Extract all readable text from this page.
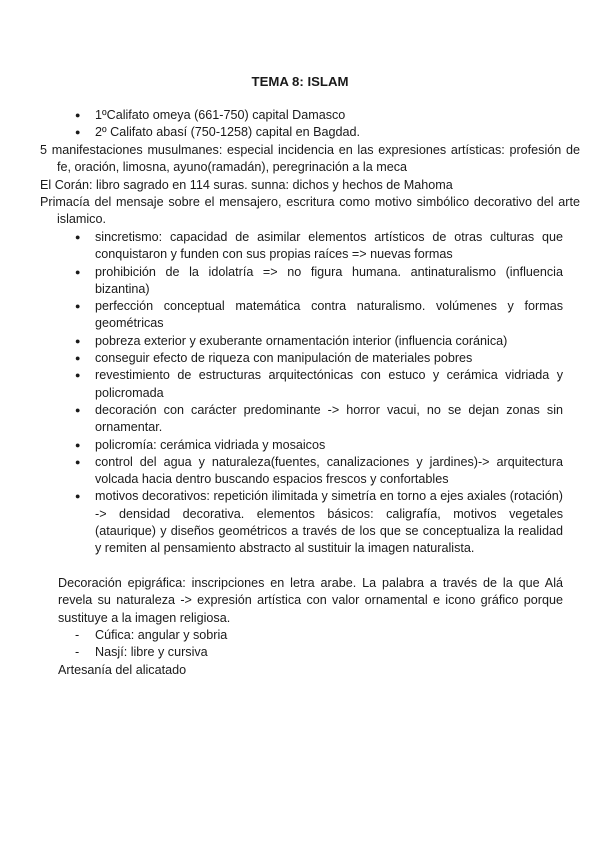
TEMA 8: ISLAM
● 1ºCalifato omeya (661-750) capital Damasco
● 2º Califato abasí (750-1258) capital en Bagdad.

5 manifestaciones musulmanes: especial incidencia en las expresiones artísticas: profesión de fe, oración, limosna, ayuno(ramadán), peregrinación a la meca

El Corán: libro sagrado en 114 suras. sunna: dichos y hechos de Mahoma

Primacía del mensaje sobre el mensajero, escritura como motivo simbólico decorativo del arte islamico.

● sincretismo: capacidad de asimilar elementos artísticos de otras culturas que conquistaron y funden con sus propias raíces => nuevas formas
● prohibición de la idolatría => no figura humana. antinaturalismo (influencia bizantina)
● perfección conceptual matemática contra naturalismo. volúmenes y formas geométricas
● pobreza exterior y exuberante ornamentación interior (influencia coránica)
● conseguir efecto de riqueza con manipulación de materiales pobres
● revestimiento de estructuras arquitectónicas con estuco y cerámica vidriada y policromada
● decoración con carácter predominante -> horror vacui, no se dejan zonas sin ornamentar.
● policromía: cerámica vidriada y mosaicos
● control del agua y naturaleza(fuentes, canalizaciones y jardines)-> arquitectura volcada hacia dentro buscando espacios frescos y confortables
● motivos decorativos: repetición ilimitada y simetría en torno a ejes axiales (rotación) -> densidad decorativa. elementos básicos: caligrafía, motivos vegetales (ataurique) y diseños geométricos a través de los que se conceptualiza la realidad y remiten al pensamiento abstracto al sustituir la imagen naturalista.

Decoración epigráfica: inscripciones en letra arabe. La palabra a través de la que Alá revela su naturaleza -> expresión artística con valor ornamental e icono gráfico porque sustituye a la imagen religiosa.

- Cúfica: angular y sobria
- Nasjí: libre y cursiva

Artesanía del alicatado
